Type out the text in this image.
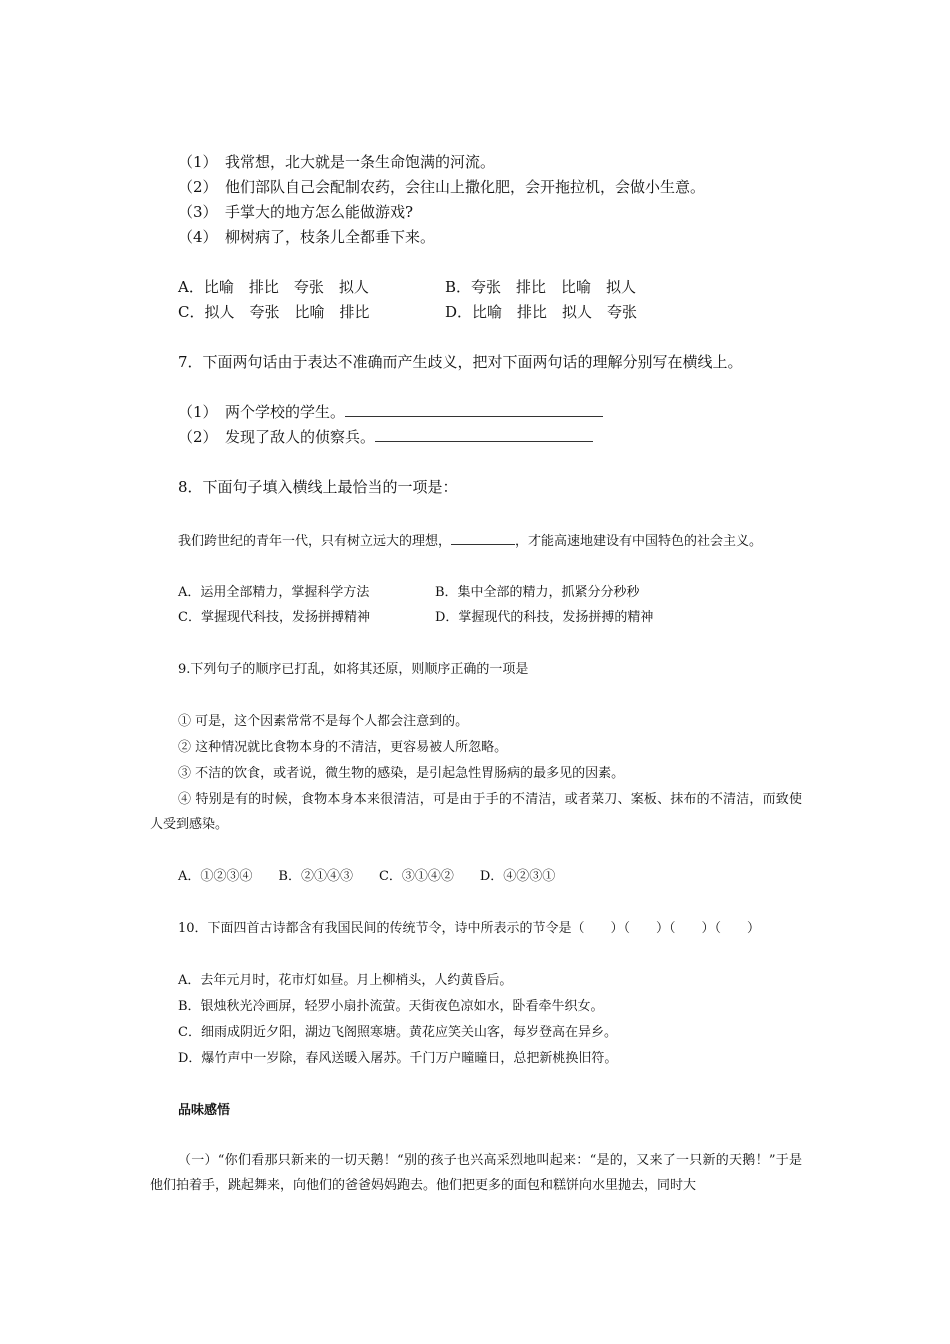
（1）　我常想，北大就是一条生命饱满的河流。
（2）　他们部队自己会配制农药，会往山上撒化肥，会开拖拉机，会做小生意。
（3）　手掌大的地方怎么能做游戏?
（4）　柳树病了，枝条儿全都垂下来。
A．比喻　排比　夸张　拟人	B．夸张　排比　比喻　拟人
C．拟人　夸张　比喻　排比	D．比喻　排比　拟人　夸张
7．下面两句话由于表达不准确而产生歧义，把对下面两句话的理解分别写在横线上。
（1）　两个学校的学生。
（2）　发现了敌人的侦察兵。
8．下面句子填入横线上最恰当的一项是：
我们跨世纪的青年一代，只有树立远大的理想，	，才能高速地建设有中国特色的社会主义。
A．运用全部精力，掌握科学方法	B．集中全部的精力，抓紧分分秒秒
C．掌握现代科技，发扬拼搏精神	D．掌握现代的科技，发扬拼搏的精神
9.下列句子的顺序已打乱，如将其还原，则顺序正确的一项是
① 可是，这个因素常常不是每个人都会注意到的。
② 这种情况就比食物本身的不清洁，更容易被人所忽略。
③ 不洁的饮食，或者说，微生物的感染，是引起急性胃肠病的最多见的因素。
④ 特别是有的时候，食物本身本来很清洁，可是由于手的不清洁，或者菜刀、案板、抹布的不清洁，而致使人受到感染。
A．①②③④　　B．②①④③　　C．③①④②　　D．④②③①
10．下面四首古诗都含有我国民间的传统节令，诗中所表示的节令是（　　）（　　）（　　）（　　）
A．去年元月时，花市灯如昼。月上柳梢头，人约黄昏后。
B．银烛秋光冷画屏，轻罗小扇扑流萤。天街夜色凉如水，卧看牵牛织女。
C．细雨成阴近夕阳，湖边飞阁照寒塘。黄花应笑关山客，每岁登高在异乡。
D．爆竹声中一岁除，春风送暖入屠苏。千门万户曈曈日，总把新桃换旧符。
品味感悟
（一）“你们看那只新来的一切天鹅！“别的孩子也兴高采烈地叫起来：“是的，又来了一只新的天鹅！”于是他们拍着手，跳起舞来，向他们的爸爸妈妈跑去。他们把更多的面包和糕饼向水里抛去，同时大
